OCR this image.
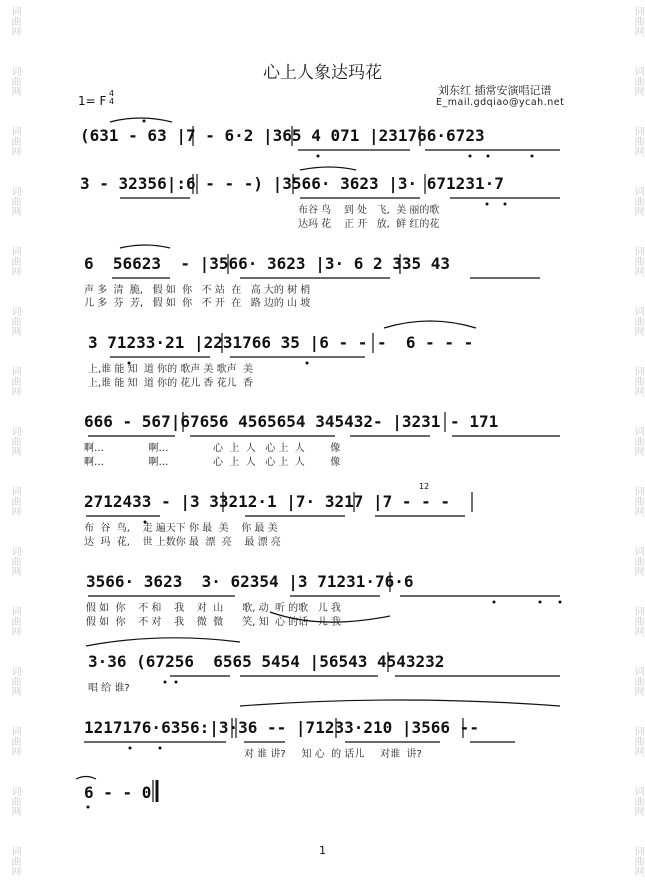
词曲网
词曲网
词曲网
词曲网
词曲网
词曲网
词曲网
词曲网
词曲网
词曲网
词曲网
词曲网
词曲网
词曲网
词曲网
词曲网
词曲网
词曲网
词曲网
词曲网
词曲网
词曲网
词曲网
词曲网
词曲网
词曲网
词曲网
词曲网
词曲网
词曲网
心上人象达玛花
1= F
4
4
刘东红 插常安演唱记谱
E_mail.gdqiao@ycah.net
(631 - 63 |7 - 6·2 |365 4 071 |231766·6723
3 - 32356|:6 - - -) |3566· 3623 |3· 671231·7
布谷 鸟    到 处   飞,  美 丽的歌
达玛 花    正 开   放,  鲜 红的花
6  56623  - |3566· 3623 |3· 6 2 335 43
声 多  清  脆,   假 如  你   不 站  在   高 大的 树 梢
儿 多  芬  芳,   假 如  你   不 开  在   路 边的 山 坡
3 71233·21 |2231766 35 |6 - - -  6 - - -
上,谁 能 知  道 你的 歌声 美 歌声  美
上,谁 能 知  道 你的 花儿 香 花儿  香
666 - 567|67656 4565654 345432- |3231 - 171
啊…              啊…              心  上  人   心 上  人        像
啊…              啊…              心  上  人   心 上  人        像
12
2712433 - |3 33212·1 |7· 3217 |7 - - -
布  谷  鸟,    走 遍天下 你 最  美    你 最 美
达  玛  花,    世 上数你 最  漂  亮    最 漂 亮
3566· 3623  3· 62354 |3 71231·76·6
假 如  你    不 和    我    对  山      歌, 动  听 的歌   儿 我
假 如  你    不 对    我    微  微      笑, 知  心 的话   儿 我
3·36 (67256  6565 5454 |56543 4543232
唱 给 谁?
1217176·6356:|3·36 -- |71233·210 |3566 --
对 谁 讲?     知 心  的 话儿     对谁  讲?
6 - - 0
1
